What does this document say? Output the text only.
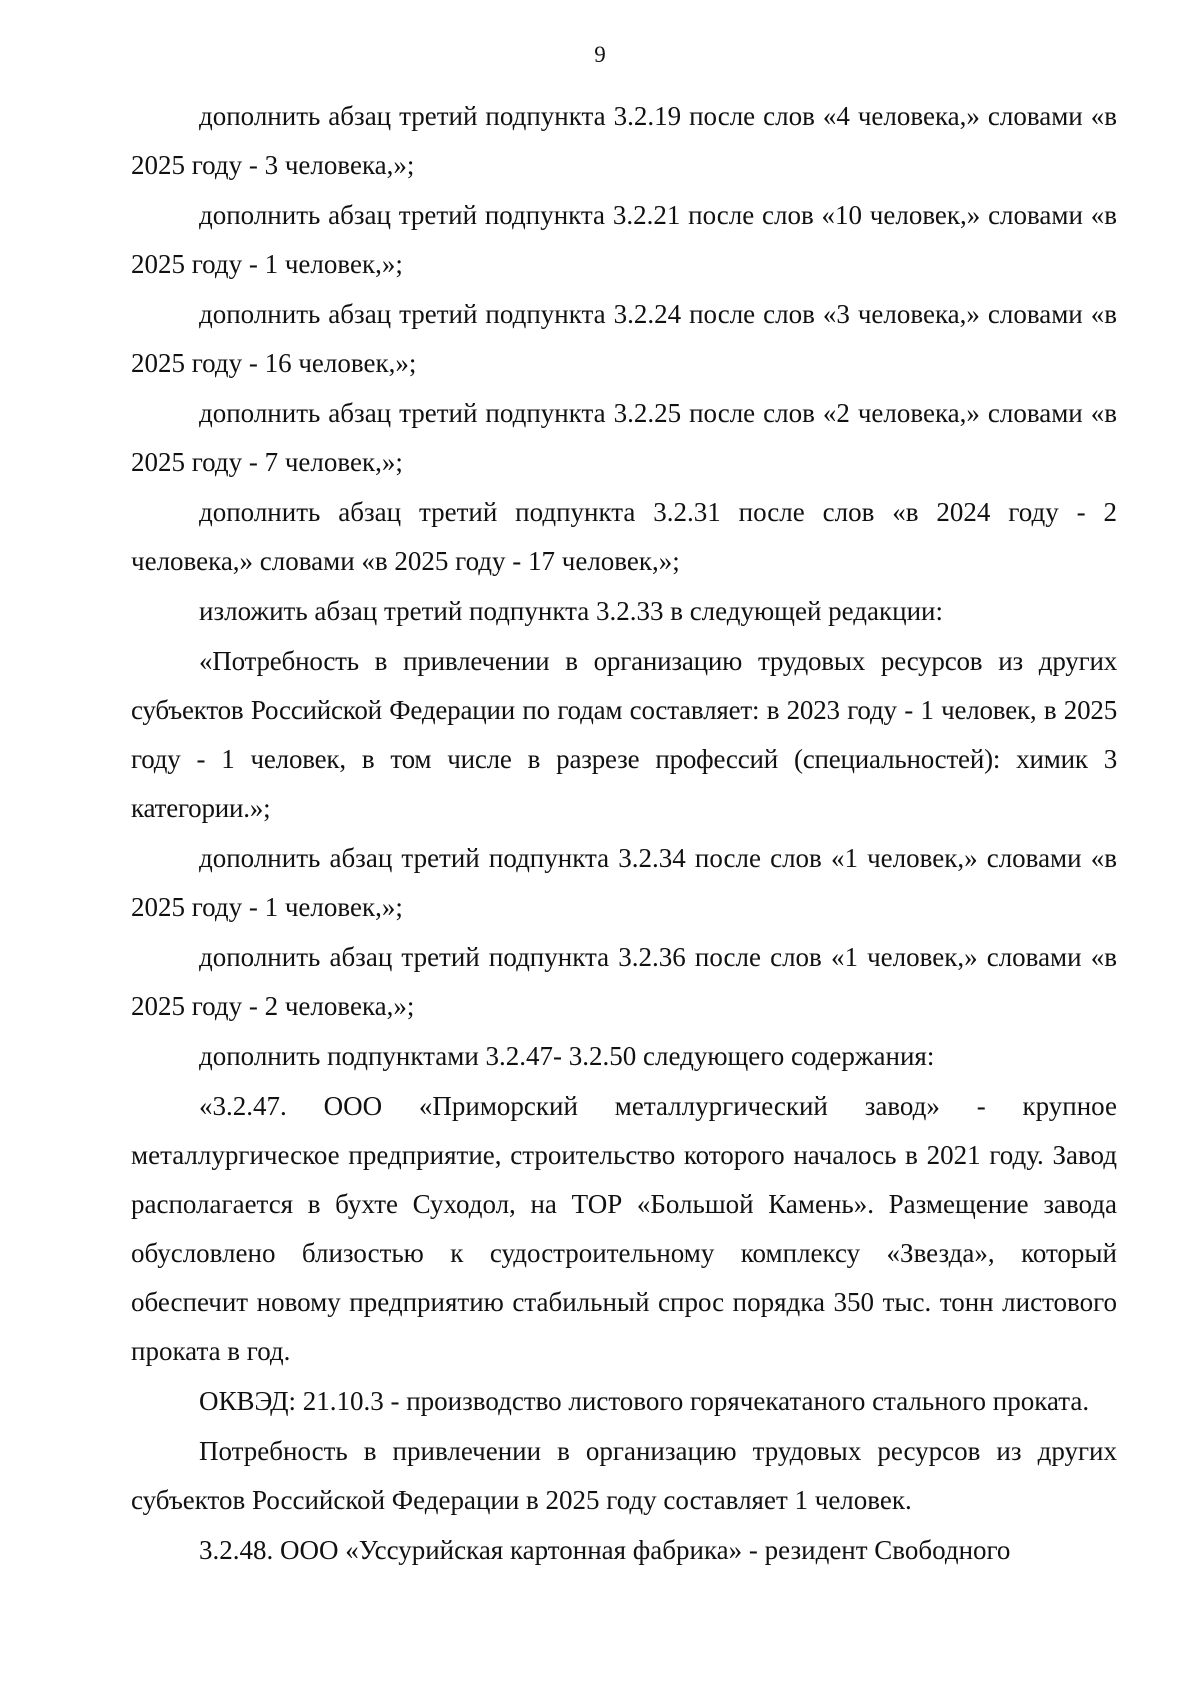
9

дополнить абзац третий подпункта 3.2.19 после слов «4 человека,» словами «в 2025 году - 3 человека,»;

дополнить абзац третий подпункта 3.2.21 после слов «10 человек,» словами «в 2025 году - 1 человек,»;

дополнить абзац третий подпункта 3.2.24 после слов «3 человека,» словами «в 2025 году - 16 человек,»;

дополнить абзац третий подпункта 3.2.25 после слов «2 человека,» словами «в 2025 году - 7 человек,»;

дополнить абзац третий подпункта 3.2.31 после слов «в 2024 году - 2 человека,» словами «в 2025 году - 17 человек,»;

изложить абзац третий подпункта 3.2.33 в следующей редакции:

«Потребность в привлечении в организацию трудовых ресурсов из других субъектов Российской Федерации по годам составляет: в 2023 году - 1 человек, в 2025 году - 1 человек, в том числе в разрезе профессий (специальностей): химик 3 категории.»;

дополнить абзац третий подпункта 3.2.34 после слов «1 человек,» словами «в 2025 году - 1 человек,»;

дополнить абзац третий подпункта 3.2.36 после слов «1 человек,» словами «в 2025 году - 2 человека,»;

дополнить подпунктами 3.2.47- 3.2.50 следующего содержания:

«3.2.47. ООО «Приморский металлургический завод» - крупное металлургическое предприятие, строительство которого началось в 2021 году. Завод располагается в бухте Суходол, на ТОР «Большой Камень». Размещение завода обусловлено близостью к судостроительному комплексу «Звезда», который обеспечит новому предприятию стабильный спрос порядка 350 тыс. тонн листового проката в год.

ОКВЭД: 21.10.3 - производство листового горячекатаного стального проката.

Потребность в привлечении в организацию трудовых ресурсов из других субъектов Российской Федерации в 2025 году составляет 1 человек.

3.2.48. ООО «Уссурийская картонная фабрика» - резидент Свободного
